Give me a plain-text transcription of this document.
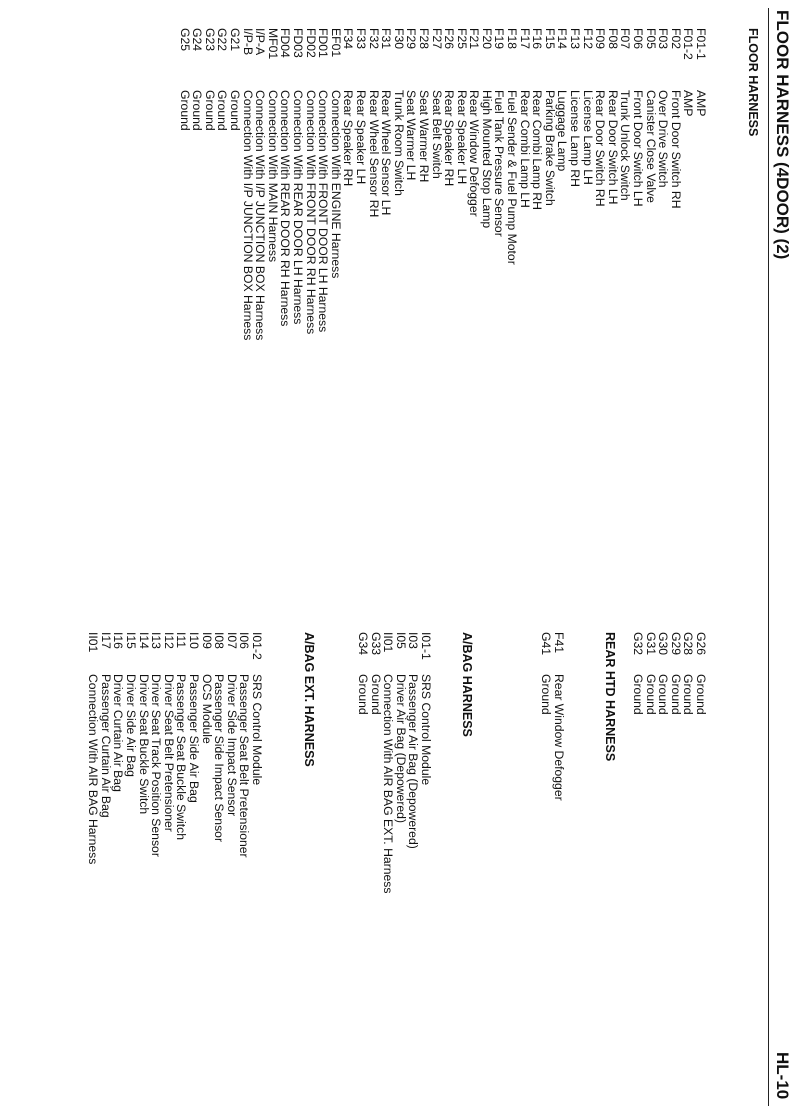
FLOOR HARNESS (4DOOR) (2)
HL-10
FLOOR HARNESS
F01-1AMP
F01-2AMP
F02Front Door Switch RH
F03Over Drive Switch
F05Canister Close Valve
F06Front Door Switch LH
F07Trunk Unlock Switch
F08Rear Door Switch LH
F09Rear Door Switch RH
F12License Lamp LH
F13License Lamp RH
F14Luggage Lamp
F15Parking Brake Switch
F16Rear Combi Lamp RH
F17Rear Combi Lamp LH
F18Fuel Sender & Fuel Pump Motor
F19Fuel Tank Pressure Sensor
F20High Mounted Stop Lamp
F21Rear Window Defogger
F25Rear Speaker LH
F26Rear Speaker RH
F27Seat Belt Switch
F28Seat Warmer RH
F29Seat Warmer LH
F30Trunk Room Switch
F31Rear Wheel Sensor LH
F32Rear Wheel Sensor RH
F33Rear Speaker LH
F34Rear Speaker RH
EF01Connection With ENGINE Harness
FD01Connection With FRONT DOOR LH Harness
FD02Connection With FRONT DOOR RH Harness
FD03Connection With REAR DOOR LH Harness
FD04Connection With REAR DOOR RH Harness
MF01Connection With MAIN Harness
I/P-AConnection With I/P JUNCTION BOX Harness
I/P-BConnection With I/P JUNCTION BOX Harness
G21Ground
G22Ground
G23Ground
G24Ground
G25Ground
G26Ground
G28Ground
G29Ground
G30Ground
G31Ground
G32Ground
REAR HTD HARNESS
F41Rear Window Defogger
G41Ground
A/BAG HARNESS
I01-1SRS Control Module
I03Passenger Air Bag (Depowered)
I05Driver Air Bag (Depowered)
II01Connection With AIR BAG EXT. Harness
G33Ground
G34Ground
A/BAG EXT. HARNESS
I01-2SRS Control Module
I06Passenger Seat Belt Pretensioner
I07Driver Side Impact Sensor
I08Passenger Side Impact Sensor
I09OCS Module
I10Passenger Side Air Bag
I11Passenger Seat Buckle Switch
I12Driver Seat Belt Pretensioner
I13Driver Seat Track Position Sensor
I14Driver Seat Buckle Switch
I15Driver Side Air Bag
I16Driver Curtain Air Bag
I17Passenger Curtain Air Bag
II01Connection With AIR BAG Harness
